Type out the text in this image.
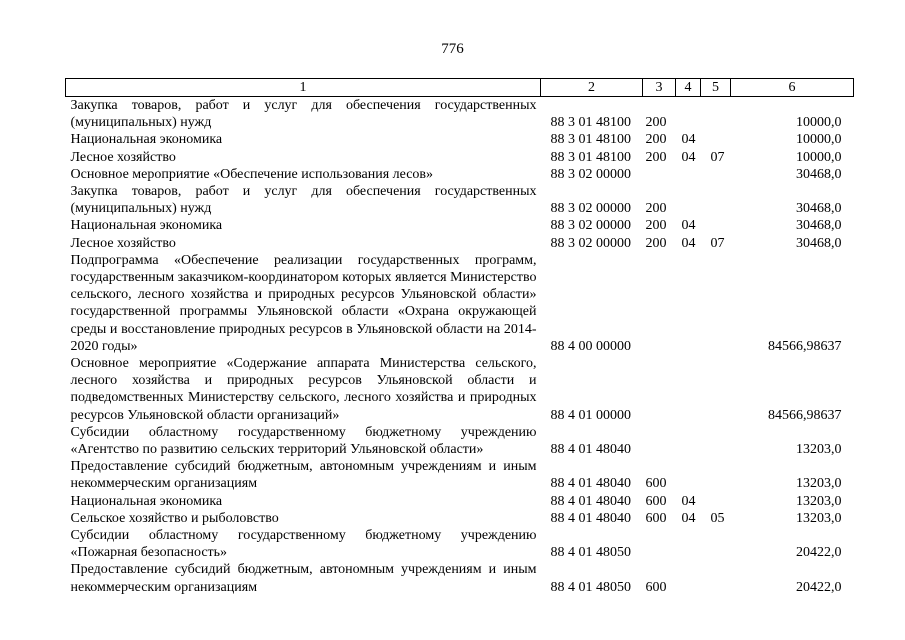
776
1	2	3	4	5	6
Закупка товаров, работ и услуг для обеспечения государственных (муниципальных) нужд	88 3 01 48100	200			10000,0
Национальная экономика	88 3 01 48100	200	04		10000,0
Лесное хозяйство	88 3 01 48100	200	04	07	10000,0
Основное мероприятие «Обеспечение использования лесов»	88 3 02 00000				30468,0
Закупка товаров, работ и услуг для обеспечения государственных (муниципальных) нужд	88 3 02 00000	200			30468,0
Национальная экономика	88 3 02 00000	200	04		30468,0
Лесное хозяйство	88 3 02 00000	200	04	07	30468,0
Подпрограмма «Обеспечение реализации государственных программ, государственным заказчиком-координатором которых является Министерство сельского, лесного хозяйства и природных ресурсов Ульяновской области» государственной программы Ульяновской области «Охрана окружающей среды и восстановление природных ресурсов в Ульяновской области на 2014-2020 годы»	88 4 00 00000				84566,98637
Основное мероприятие «Содержание аппарата Министерства сельского, лесного хозяйства и природных ресурсов Ульяновской области и подведомственных Министерству сельского, лесного хозяйства и природных ресурсов Ульяновской области организаций»	88 4 01 00000				84566,98637
Субсидии областному государственному бюджетному учреждению «Агентство по развитию сельских территорий Ульяновской области»	88 4 01 48040				13203,0
Предоставление субсидий бюджетным, автономным учреждениям и иным некоммерческим организациям	88 4 01 48040	600			13203,0
Национальная экономика	88 4 01 48040	600	04		13203,0
Сельское хозяйство и рыболовство	88 4 01 48040	600	04	05	13203,0
Субсидии областному государственному бюджетному учреждению «Пожарная безопасность»	88 4 01 48050				20422,0
Предоставление субсидий бюджетным, автономным учреждениям и иным некоммерческим организациям	88 4 01 48050	600			20422,0
